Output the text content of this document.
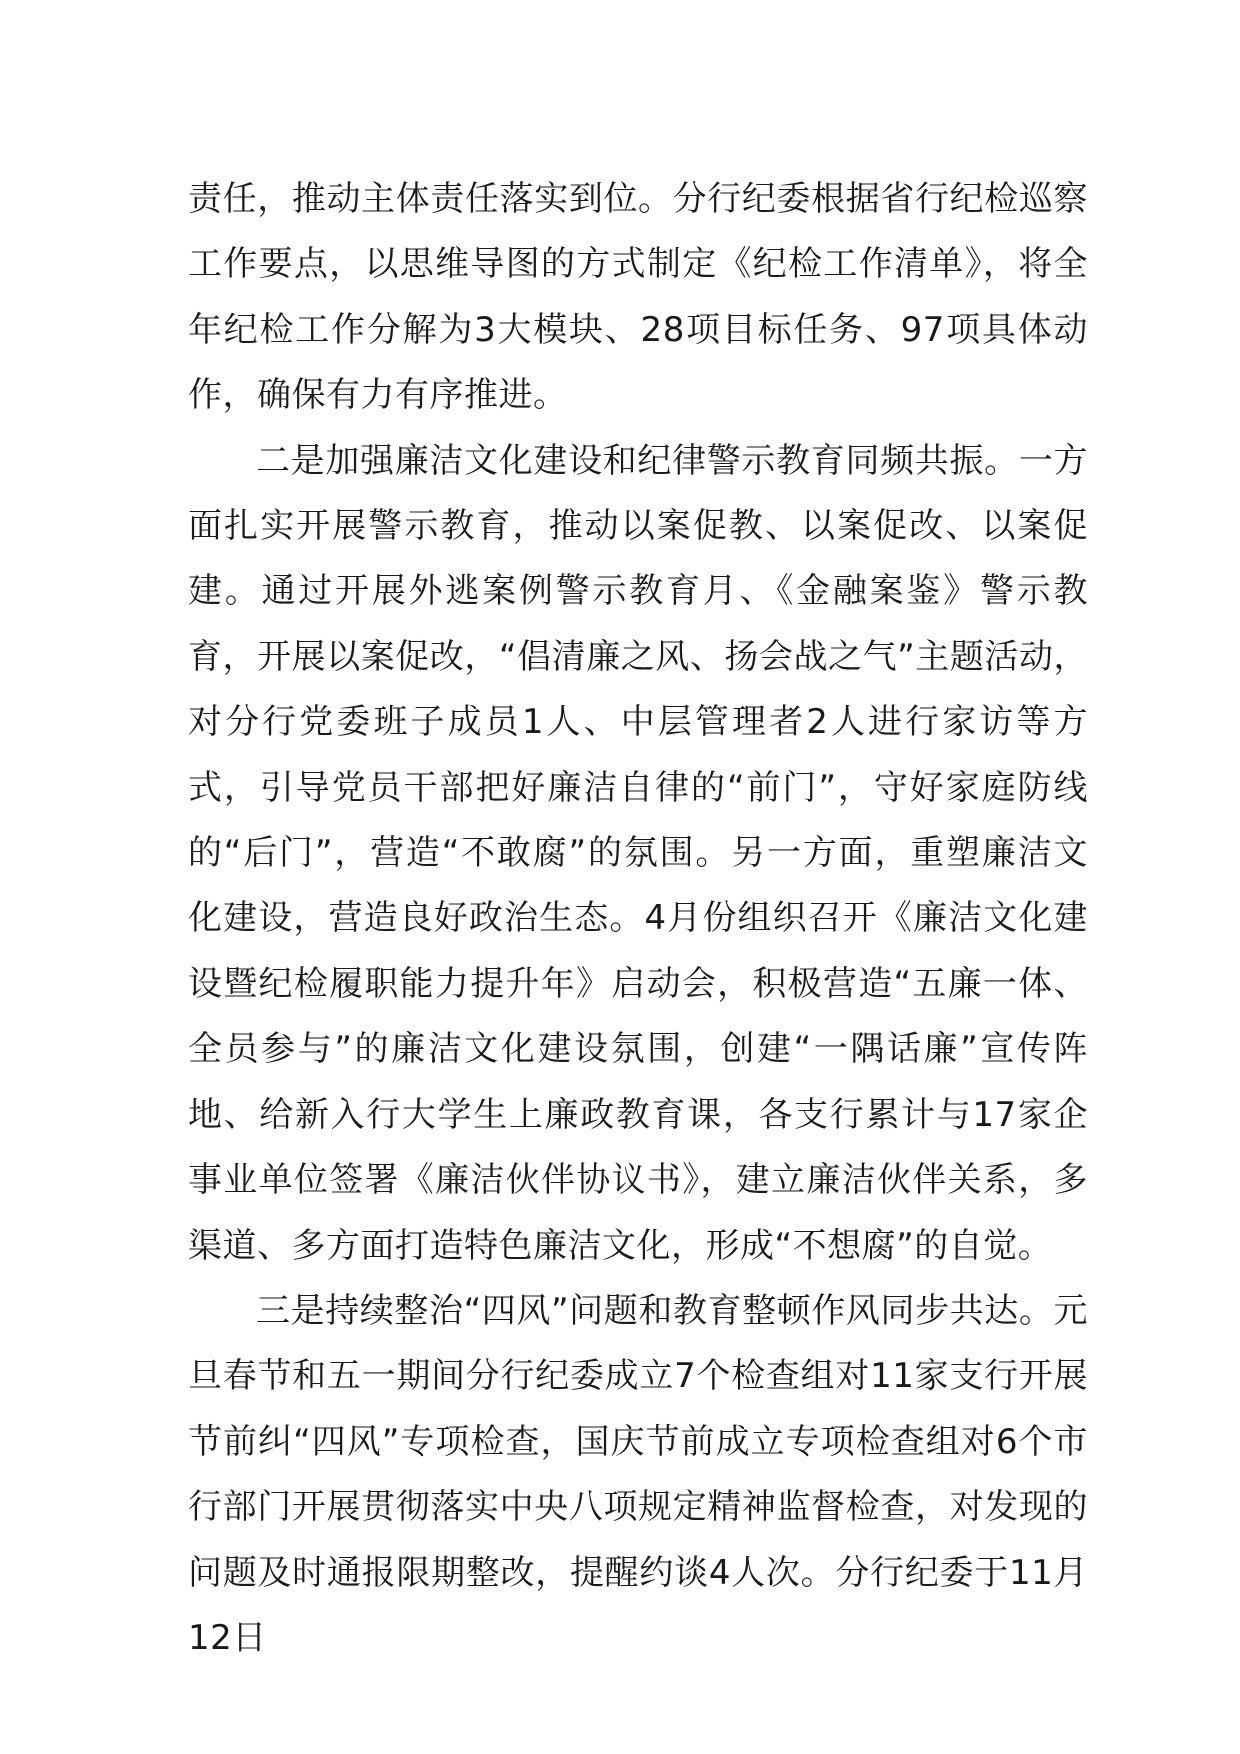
责任，推动主体责任落实到位。分行纪委根据省行纪检巡察工作要点，以思维导图的方式制定《纪检工作清单》，将全年纪检工作分解为3大模块、28项目标任务、97项具体动作，确保有力有序推进。

二是加强廉洁文化建设和纪律警示教育同频共振。一方面扎实开展警示教育，推动以案促教、以案促改、以案促建。通过开展外逃案例警示教育月、《金融案鉴》警示教育，开展以案促改，“倡清廉之风、扬会战之气”主题活动，对分行党委班子成员1人、中层管理者2人进行家访等方式，引导党员干部把好廉洁自律的“前门”，守好家庭防线的“后门”，营造“不敢腐”的氛围。另一方面，重塑廉洁文化建设，营造良好政治生态。4月份组织召开《廉洁文化建设暨纪检履职能力提升年》启动会，积极营造“五廉一体、全员参与”的廉洁文化建设氛围，创建“一隅话廉”宣传阵地、给新入行大学生上廉政教育课，各支行累计与17家企事业单位签署《廉洁伙伴协议书》，建立廉洁伙伴关系，多渠道、多方面打造特色廉洁文化，形成“不想腐”的自觉。

三是持续整治“四风”问题和教育整顿作风同步共达。元旦春节和五一期间分行纪委成立7个检查组对11家支行开展节前纠“四风”专项检查，国庆节前成立专项检查组对6个市行部门开展贯彻落实中央八项规定精神监督检查，对发现的问题及时通报限期整改，提醒约谈4人次。分行纪委于11月12日
